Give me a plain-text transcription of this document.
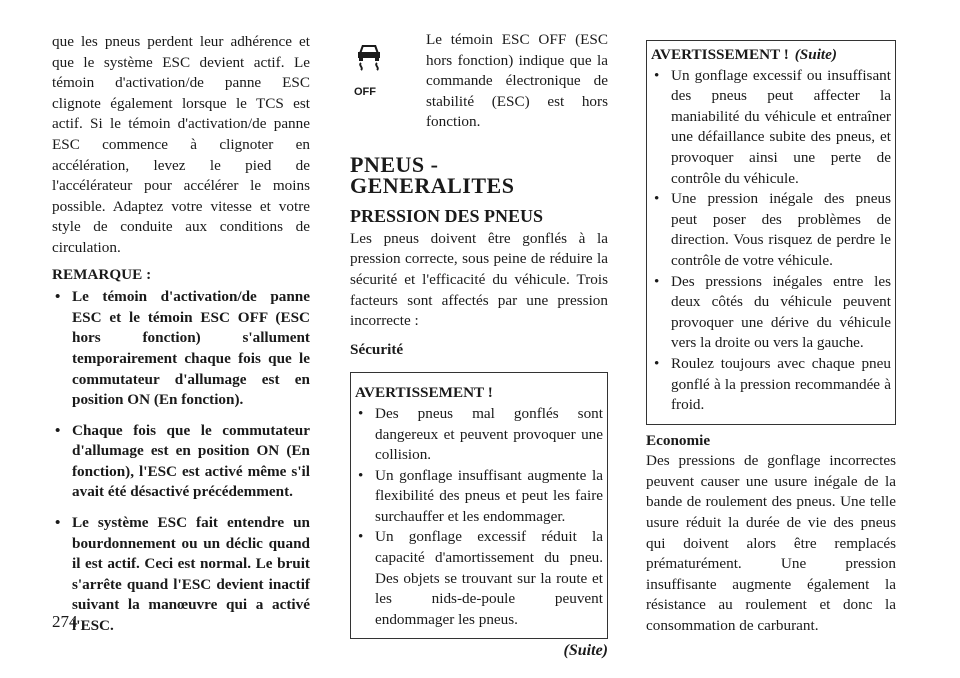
que les pneus perdent leur adhérence et que le système ESC devient actif. Le témoin d'activation/de panne ESC clignote également lorsque le TCS est actif. Si le témoin d'activation/de panne ESC commence à clignoter en accélération, levez le pied de l'accélérateur pour accélérer le moins possible. Adaptez votre vitesse et votre style de conduite aux conditions de circulation.

REMARQUE :
• Le témoin d'activation/de panne ESC et le témoin ESC OFF (ESC hors fonction) s'allument temporairement chaque fois que le commutateur d'allumage est en position ON (En fonction).
• Chaque fois que le commutateur d'allumage est en position ON (En fonction), l'ESC est activé même s'il avait été désactivé précédemment.
• Le système ESC fait entendre un bourdonnement ou un déclic quand il est actif. Ceci est normal. Le bruit s'arrête quand l'ESC devient inactif suivant la manœuvre qui a activé l'ESC.
OFF

Le témoin ESC OFF (ESC hors fonction) indique que la commande électronique de stabilité (ESC) est hors fonction.

PNEUS - GENERALITES
PRESSION DES PNEUS

Les pneus doivent être gonflés à la pression correcte, sous peine de réduire la sécurité et l'efficacité du véhicule. Trois facteurs sont affectés par une pression incorrecte :

Sécurité
AVERTISSEMENT !
• Des pneus mal gonflés sont dangereux et peuvent provoquer une collision.
• Un gonflage insuffisant augmente la flexibilité des pneus et peut les faire surchauffer et les endommager.
• Un gonflage excessif réduit la capacité d'amortissement du pneu. Des objets se trouvant sur la route et les nids-de-poule peuvent endommager les pneus.
(Suite)
AVERTISSEMENT ! (Suite)
• Un gonflage excessif ou insuffisant des pneus peut affecter la maniabilité du véhicule et entraîner une défaillance subite des pneus, et provoquer ainsi une perte de contrôle du véhicule.
• Une pression inégale des pneus peut poser des problèmes de direction. Vous risquez de perdre le contrôle de votre véhicule.
• Des pressions inégales entre les deux côtés du véhicule peuvent provoquer une dérive du véhicule vers la droite ou vers la gauche.
• Roulez toujours avec chaque pneu gonflé à la pression recommandée à froid.
Economie

Des pressions de gonflage incorrectes peuvent causer une usure inégale de la bande de roulement des pneus. Une telle usure réduit la durée de vie des pneus qui doivent alors être remplacés prématurément. Une pression insuffisante augmente également la résistance au roulement et donc la consommation de carburant.

274
